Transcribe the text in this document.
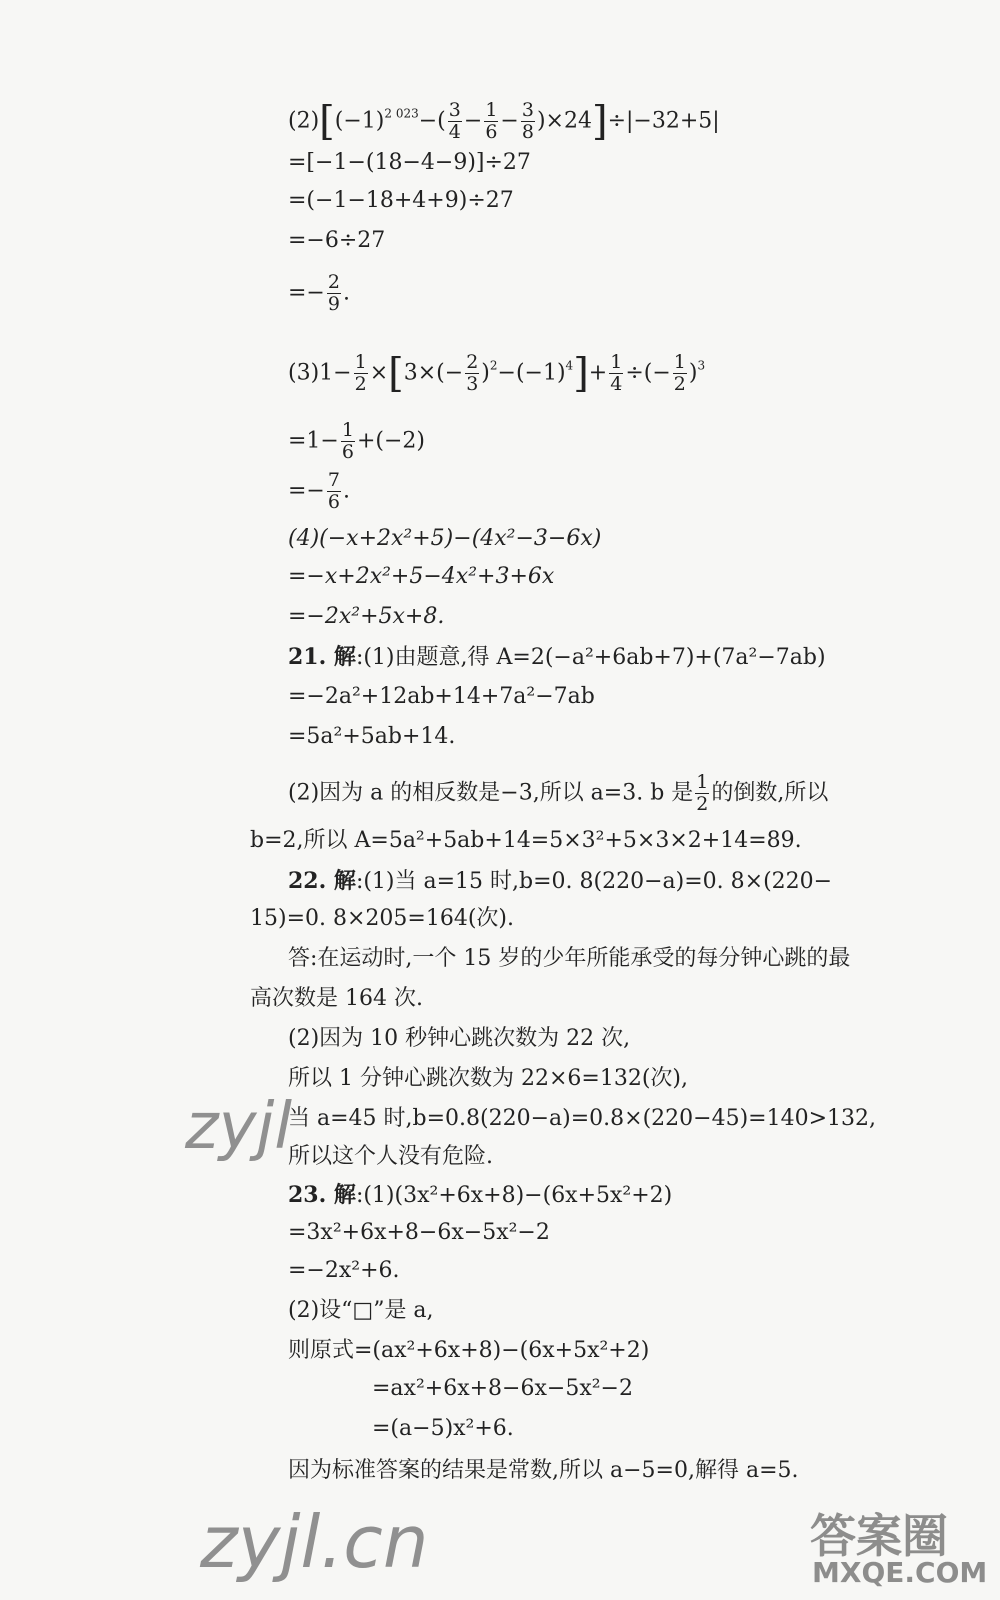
$(2)[(-1)^{2 023}-( \frac{3}{4} - \frac{1}{6} - \frac{3}{8} )\times 24]\div|-32+5|$
=[−1−(18−4−9)]÷27
=(−1−18+4+9)÷27
=−6÷27
=− $\frac{2}{9}$ .
$(3)1- \frac{1}{2} \times[3\times(- \frac{2}{3} )^2-(-1)^4]+ \frac{1}{4}$ ÷(− $\frac{1}{2} )^3$
$=1- \frac{1}{6} +(-2)$
=− $\frac{7}{6}$ .
(4)(−x+2x²+5)−(4x²−3−6x)
=−x+2x²+5−4x²+3+6x
=−2x²+5x+8.
21. 解:(1)由题意,得 A=2(−a²+6ab+7)+(7a²−7ab)
=−2a²+12ab+14+7a²−7ab
=5a²+5ab+14.
(2)因为 a 的相反数是−3,所以 a=3. b 是 $\frac{1}{2}$ 的倒数,所以
b=2,所以 A=5a²+5ab+14=5×3²+5×3×2+14=89.
22. 解:(1)当 a=15 时,b=0. 8(220−a)=0. 8×(220−
15)=0. 8×205=164(次).
答:在运动时,一个 15 岁的少年所能承受的每分钟心跳的最
高次数是 164 次.
(2)因为 10 秒钟心跳次数为 22 次,
所以 1 分钟心跳次数为 22×6=132(次),
当 a=45 时,b=0.8(220−a)=0.8×(220−45)=140>132,
所以这个人没有危险.
23. 解:(1)(3x²+6x+8)−(6x+5x²+2)
=3x²+6x+8−6x−5x²−2
=−2x²+6.
(2)设“□”是 a,
则原式=(ax²+6x+8)−(6x+5x²+2)
=ax²+6x+8−6x−5x²−2
=(a−5)x²+6.
因为标准答案的结果是常数,所以 a−5=0,解得 a=5.
zyjl
zyjl.cn	答案圈
MXQE.COM
